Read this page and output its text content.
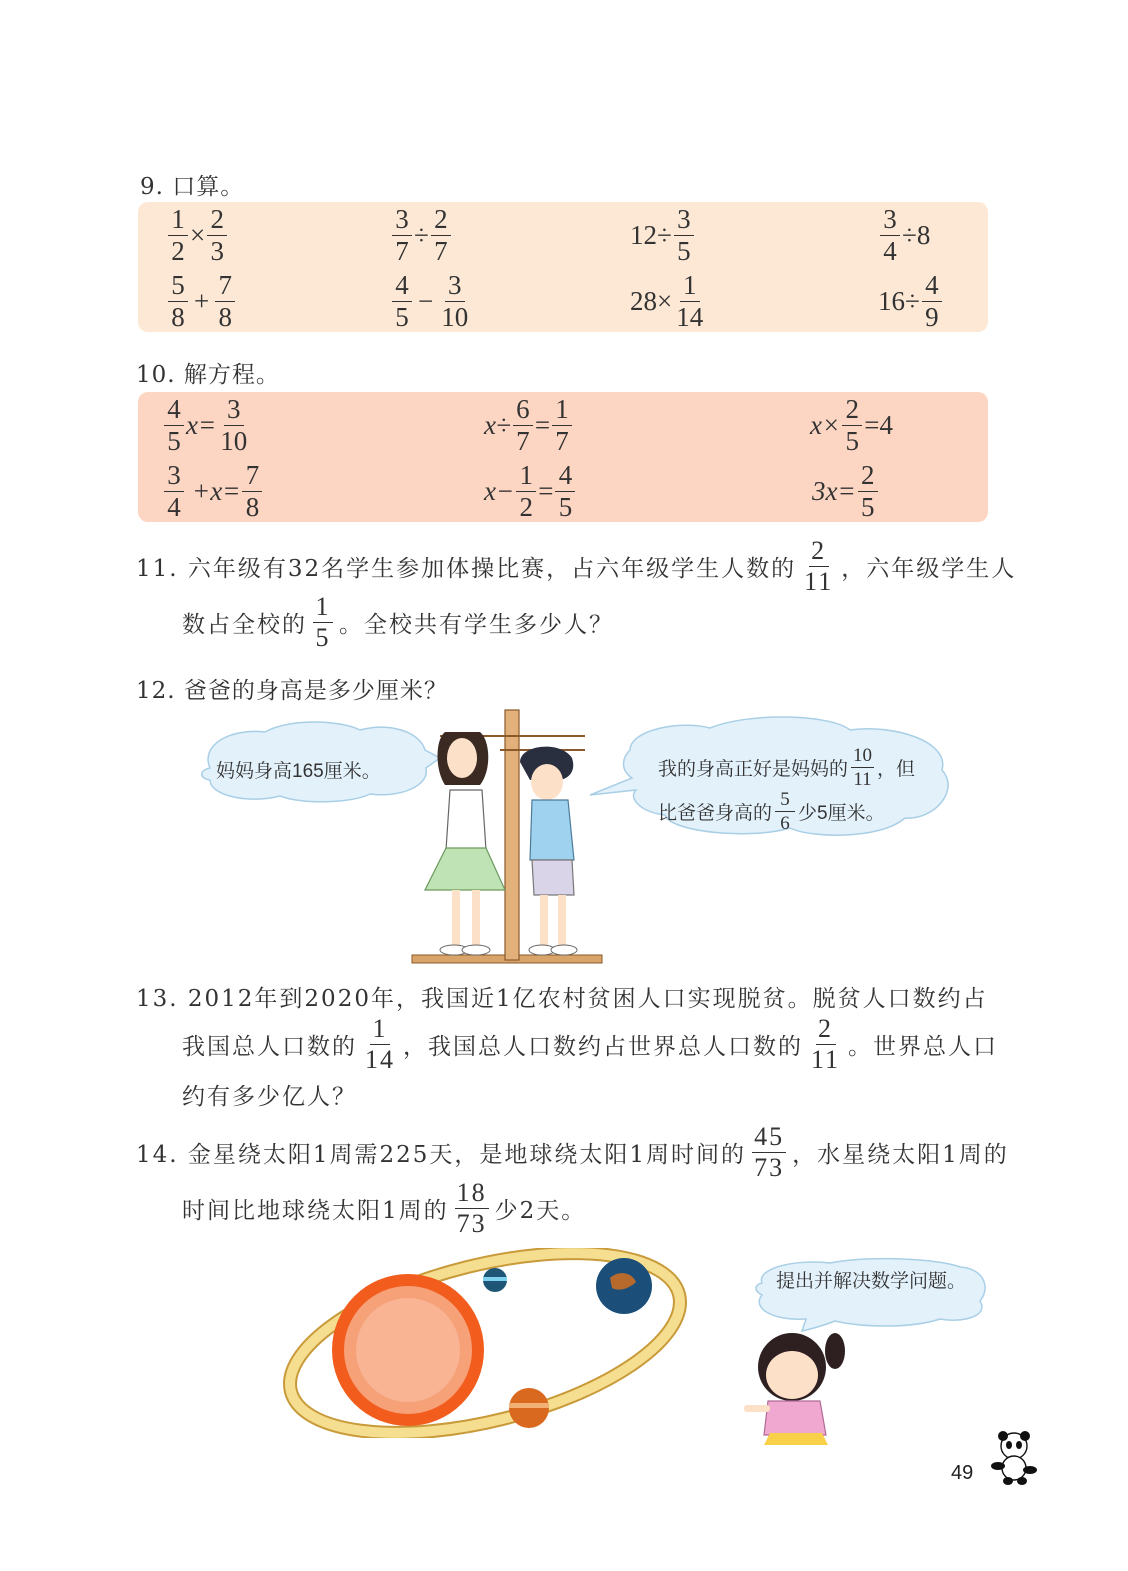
9. 口算。
$\frac{1}{2} \times \frac{2}{3}$	$\frac{3}{7} \div \frac{2}{7}$	$12\div \frac{3}{5}$	$\frac{3}{4} \div 8$
$\frac{5}{8} + \frac{7}{8}$	$\frac{4}{5} - \frac{3}{10}$	$28\times \frac{1}{14}$	$16\div \frac{4}{9}$
10. 解方程。
$\frac{4}{5} x= \frac{3}{10}$	$x\div \frac{6}{7} = \frac{1}{7}$	$x\times \frac{2}{5} =4$
$\frac{3}{4} +x= \frac{7}{8}$	$x- \frac{1}{2} = \frac{4}{5}$	$3x= \frac{2}{5}$
11. 六年级有32名学生参加体操比赛，占六年级学生人数的 $\frac{2}{11}$ ，六年级学生人
数占全校的 $\frac{1}{5}$ 。全校共有学生多少人？
12. 爸爸的身高是多少厘米？
妈妈身高165厘米。	我的身高正好是妈妈的 $\frac{10}{11}$ ，但
比爸爸身高的 $\frac{5}{6}$ 少5厘米。
13. 2012年到2020年，我国近1亿农村贫困人口实现脱贫。脱贫人口数约占
我国总人口数的 $\frac{1}{14}$ ，我国总人口数约占世界总人口数的 $\frac{2}{11}$ 。世界总人口
约有多少亿人？
14. 金星绕太阳1周需225天，是地球绕太阳1周时间的 $\frac{45}{73}$ ，水星绕太阳1周的
时间比地球绕太阳1周的 $\frac{18}{73}$ 少2天。
提出并解决数学问题。
49
